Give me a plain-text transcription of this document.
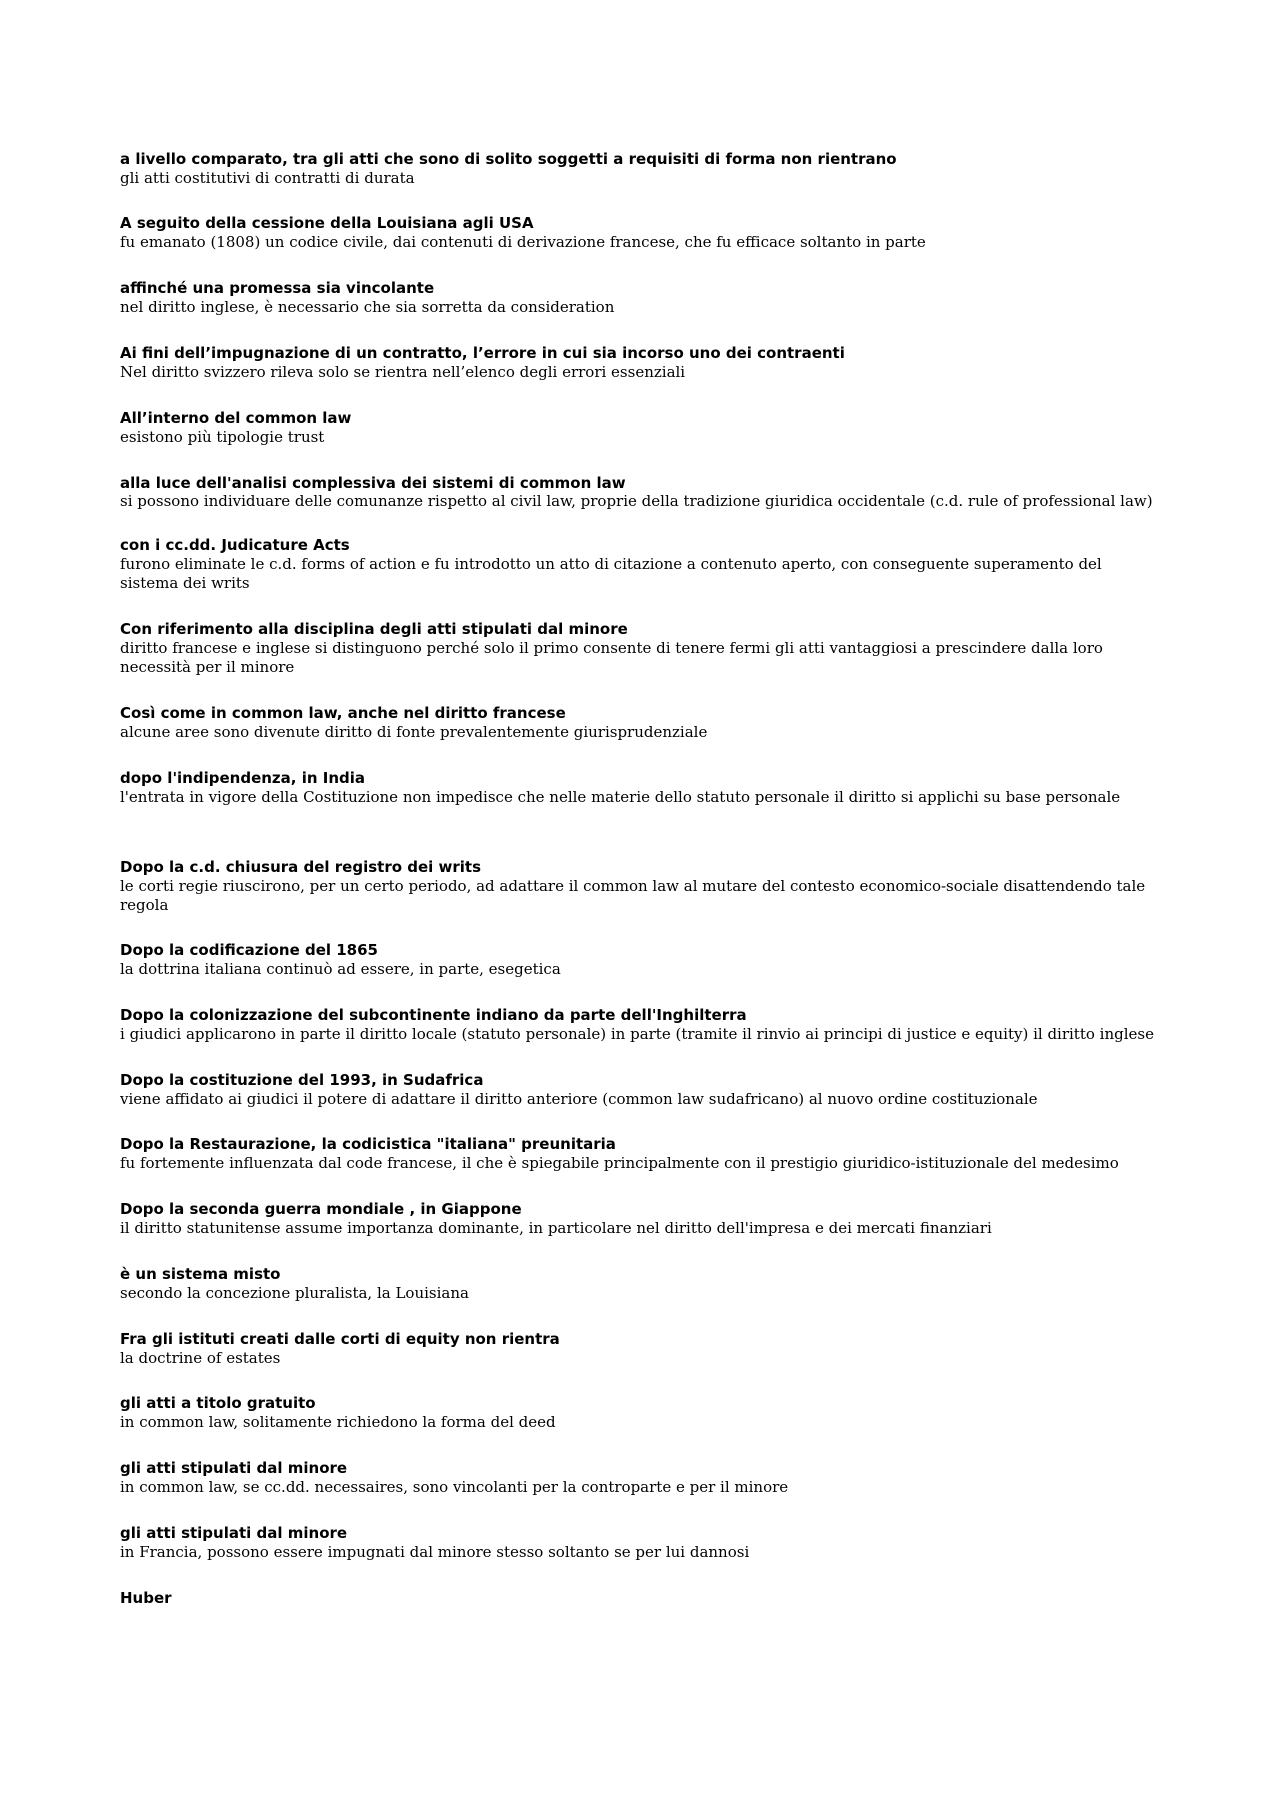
a livello comparato, tra gli atti che sono di solito soggetti a requisiti di forma non rientrano
gli atti costitutivi di contratti di durata
A seguito della cessione della Louisiana agli USA
fu emanato (1808) un codice civile, dai contenuti di derivazione francese, che fu efficace soltanto in parte
affinché una promessa sia vincolante
nel diritto inglese, è necessario che sia sorretta da consideration
Ai fini dell’impugnazione di un contratto, l’errore in cui sia incorso uno dei contraenti
Nel diritto svizzero rileva solo se rientra nell’elenco degli errori essenziali
All’interno del common law
esistono più tipologie trust
alla luce dell'analisi complessiva dei sistemi di common law
si possono individuare delle comunanze rispetto al civil law, proprie della tradizione giuridica occidentale (c.d. rule of professional law)
con i cc.dd. Judicature Acts
furono eliminate le c.d. forms of action e fu introdotto un atto di citazione a contenuto aperto, con conseguente superamento del sistema dei writs
Con riferimento alla disciplina degli atti stipulati dal minore
diritto francese e inglese si distinguono perché solo il primo consente di tenere fermi gli atti vantaggiosi a prescindere dalla loro necessità per il minore
Così come in common law, anche nel diritto francese
alcune aree sono divenute diritto di fonte prevalentemente giurisprudenziale
dopo l'indipendenza, in India
l'entrata in vigore della Costituzione non impedisce che nelle materie dello statuto personale il diritto si applichi su base personale
Dopo la c.d. chiusura del registro dei writs
le corti regie riuscirono, per un certo periodo, ad adattare il common law al mutare del contesto economico-sociale disattendendo tale regola
Dopo la codificazione del 1865
la dottrina italiana continuò ad essere, in parte, esegetica
Dopo la colonizzazione del subcontinente indiano da parte dell'Inghilterra
i giudici applicarono in parte il diritto locale (statuto personale) in parte (tramite il rinvio ai principi di justice e equity) il diritto inglese
Dopo la costituzione del 1993, in Sudafrica
viene affidato ai giudici il potere di adattare il diritto anteriore (common law sudafricano) al nuovo ordine costituzionale
Dopo la Restaurazione, la codicistica "italiana" preunitaria
fu fortemente influenzata dal code francese, il che è spiegabile principalmente con il prestigio giuridico-istituzionale del medesimo
Dopo la seconda guerra mondiale , in Giappone
il diritto statunitense assume importanza dominante, in particolare nel diritto dell'impresa e dei mercati finanziari
è un sistema misto
secondo la concezione pluralista, la Louisiana
Fra gli istituti creati dalle corti di equity non rientra
la doctrine of estates
gli atti a titolo gratuito
in common law, solitamente richiedono la forma del deed
gli atti stipulati dal minore
in common law, se cc.dd. necessaires, sono vincolanti per la controparte e per il minore
gli atti stipulati dal minore
in Francia, possono essere impugnati dal minore stesso soltanto se per lui dannosi
Huber
